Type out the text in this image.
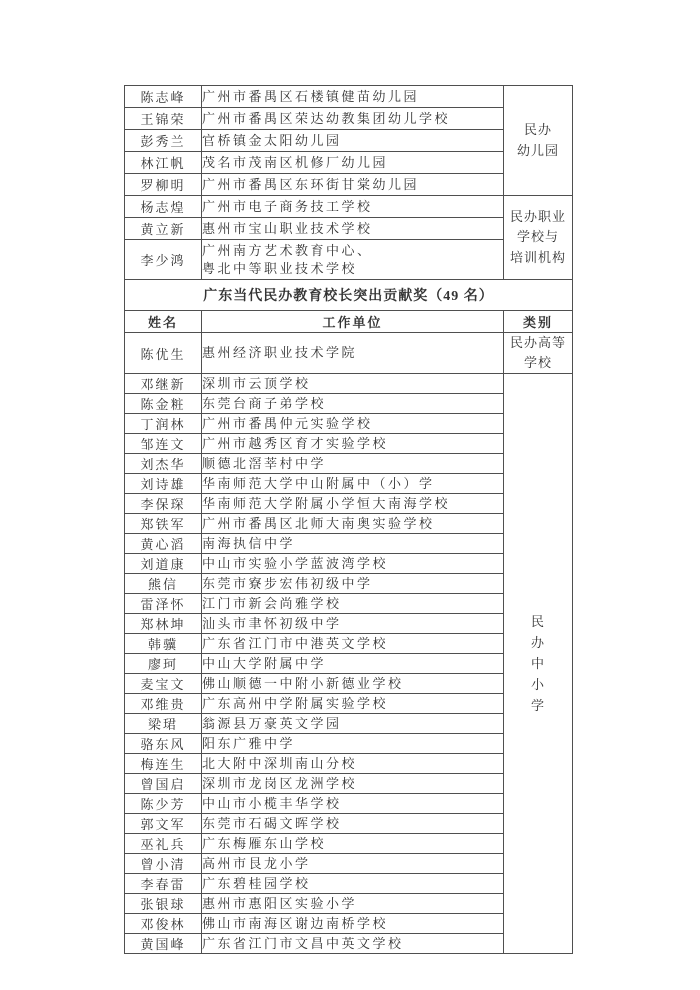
陈志峰	广州市番禺区石楼镇健苗幼儿园	民办
幼儿园

王锦荣	广州市番禺区荣达幼教集团幼儿学校	
彭秀兰	官桥镇金太阳幼儿园	
林江帆	茂名市茂南区机修厂幼儿园	
罗柳明	广州市番禺区东环街甘棠幼儿园	
杨志煌	广州市电子商务技工学校	民办职业
学校与
培训机构

黄立新	惠州市宝山职业技术学校	
李少鸿	广州南方艺术教育中心、
粤北中等职业技术学校	

广东当代民办教育校长突出贡献奖（49 名）		
姓名	工作单位	类别
陈优生	惠州经济职业技术学院	民办高等
学校

邓继新	深圳市云顶学校	民
办
中
小
学

陈金粧	东莞台商子弟学校	
丁润林	广州市番禺仲元实验学校	
邹连文	广州市越秀区育才实验学校	
刘杰华	顺德北滘莘村中学	
刘诗雄	华南师范大学中山附属中（小）学	
李保琛	华南师范大学附属小学恒大南海学校	
郑铁军	广州市番禺区北师大南奥实验学校	
黄心滔	南海执信中学	
刘道康	中山市实验小学蓝波湾学校	
熊信	东莞市寮步宏伟初级中学	
雷泽怀	江门市新会尚雅学校	
郑林坤	汕头市聿怀初级中学	
韩骥	广东省江门市中港英文学校	
廖珂	中山大学附属中学	
麦宝文	佛山顺德一中附小新德业学校	
邓维贵	广东高州中学附属实验学校	
梁珺	翁源县万豪英文学园	
骆东风	阳东广雅中学	
梅连生	北大附中深圳南山分校	
曾国启	深圳市龙岗区龙洲学校	
陈少芳	中山市小榄丰华学校	
郭文军	东莞市石碣文晖学校	
巫礼兵	广东梅雁东山学校	
曾小清	高州市艮龙小学	
李春雷	广东碧桂园学校	
张银球	惠州市惠阳区实验小学	
邓俊林	佛山市南海区谢边南桥学校	
黄国峰	广东省江门市文昌中英文学校	
